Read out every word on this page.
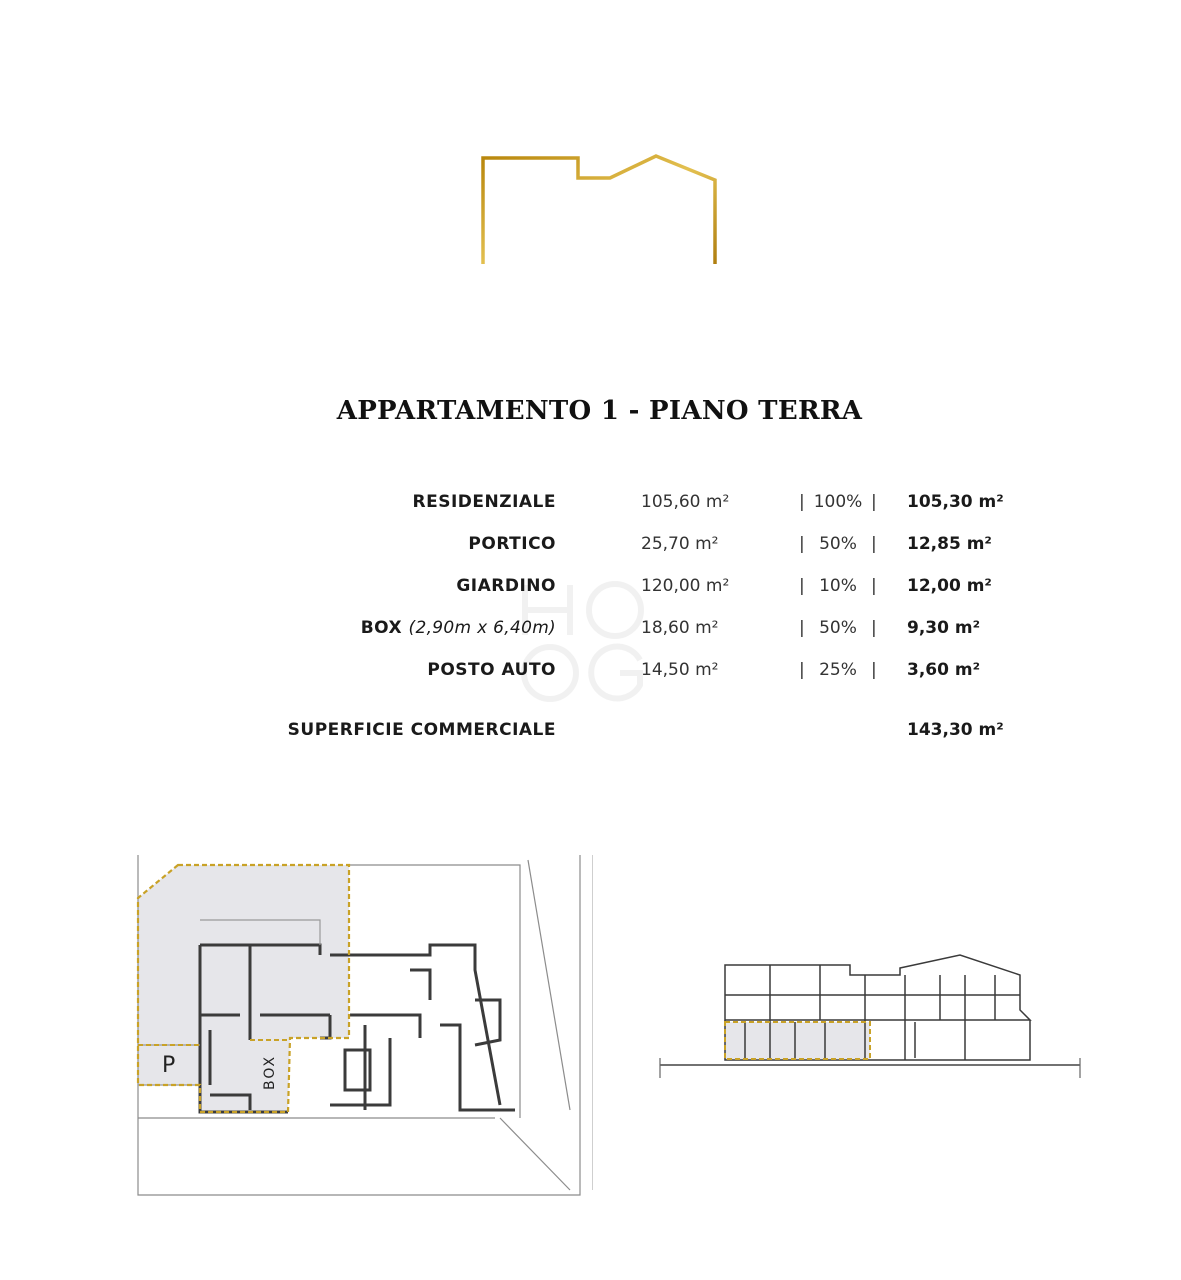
APPARTAMENTO 1 - PIANO TERRA
RESIDENZIALE	105,60 m²	| 100% | 105,30 m²
PORTICO	25,70 m²	| 50% | 12,85 m²
GIARDINO	120,00 m²	| 10% | 12,00 m²
BOX (2,90m x 6,40m)	18,60 m²	| 50% | 9,30 m²
POSTO AUTO	14,50 m²	| 25% | 3,60 m²
SUPERFICIE COMMERCIALE	143,30 m²
P	BOX
